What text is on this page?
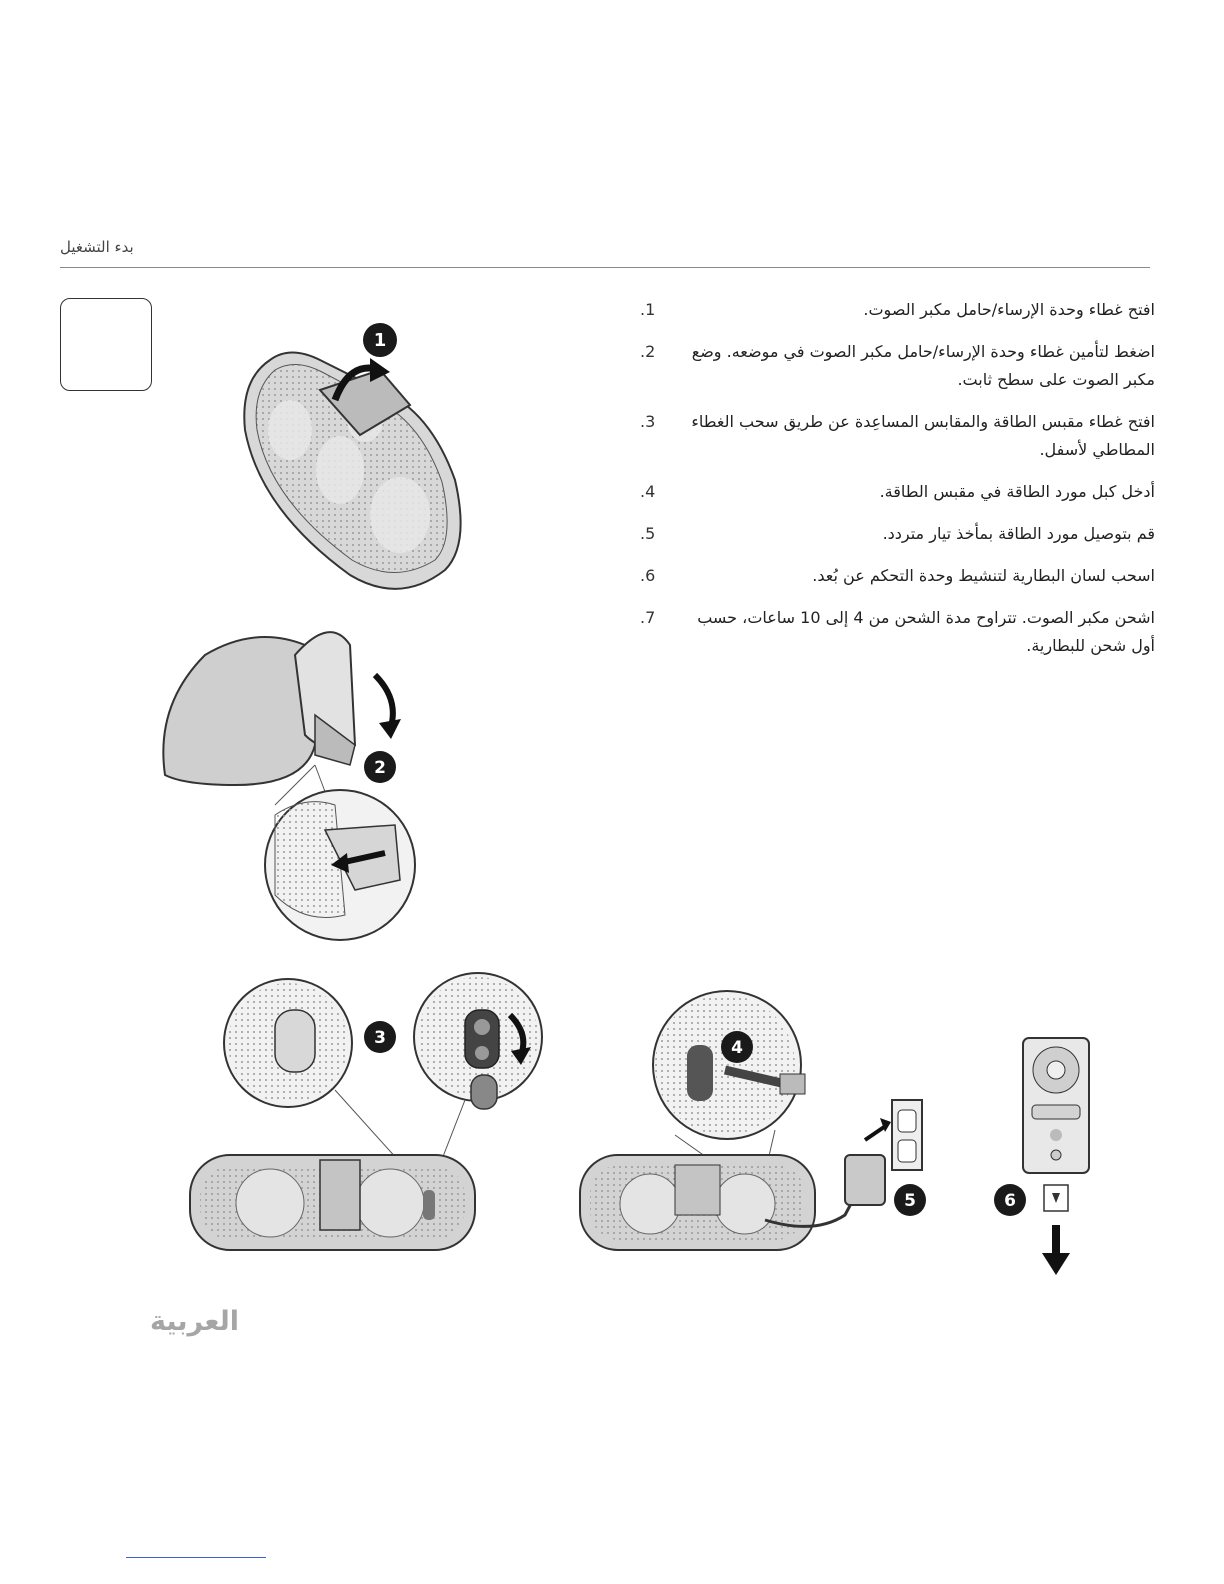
بدء التشغيل
افتح غطاء وحدة الإرساء/حامل مكبر الصوت.
.1
اضغط لتأمين غطاء وحدة الإرساء/حامل مكبر الصوت في موضعه. وضع مكبر الصوت على سطح ثابت.
.2
افتح غطاء مقبس الطاقة والمقابس المساعِدة عن طريق سحب الغطاء المطاطي لأسفل.
.3
أدخل كبل مورد الطاقة في مقبس الطاقة.
.4
قم بتوصيل مورد الطاقة بمأخذ تيار متردد.
.5
اسحب لسان البطارية لتنشيط وحدة التحكم عن بُعد.
.6
اشحن مكبر الصوت. تتراوح مدة الشحن من 4 إلى 10 ساعات، حسب أول شحن للبطارية.
.7
1
2
3	4
5	6
العربية
